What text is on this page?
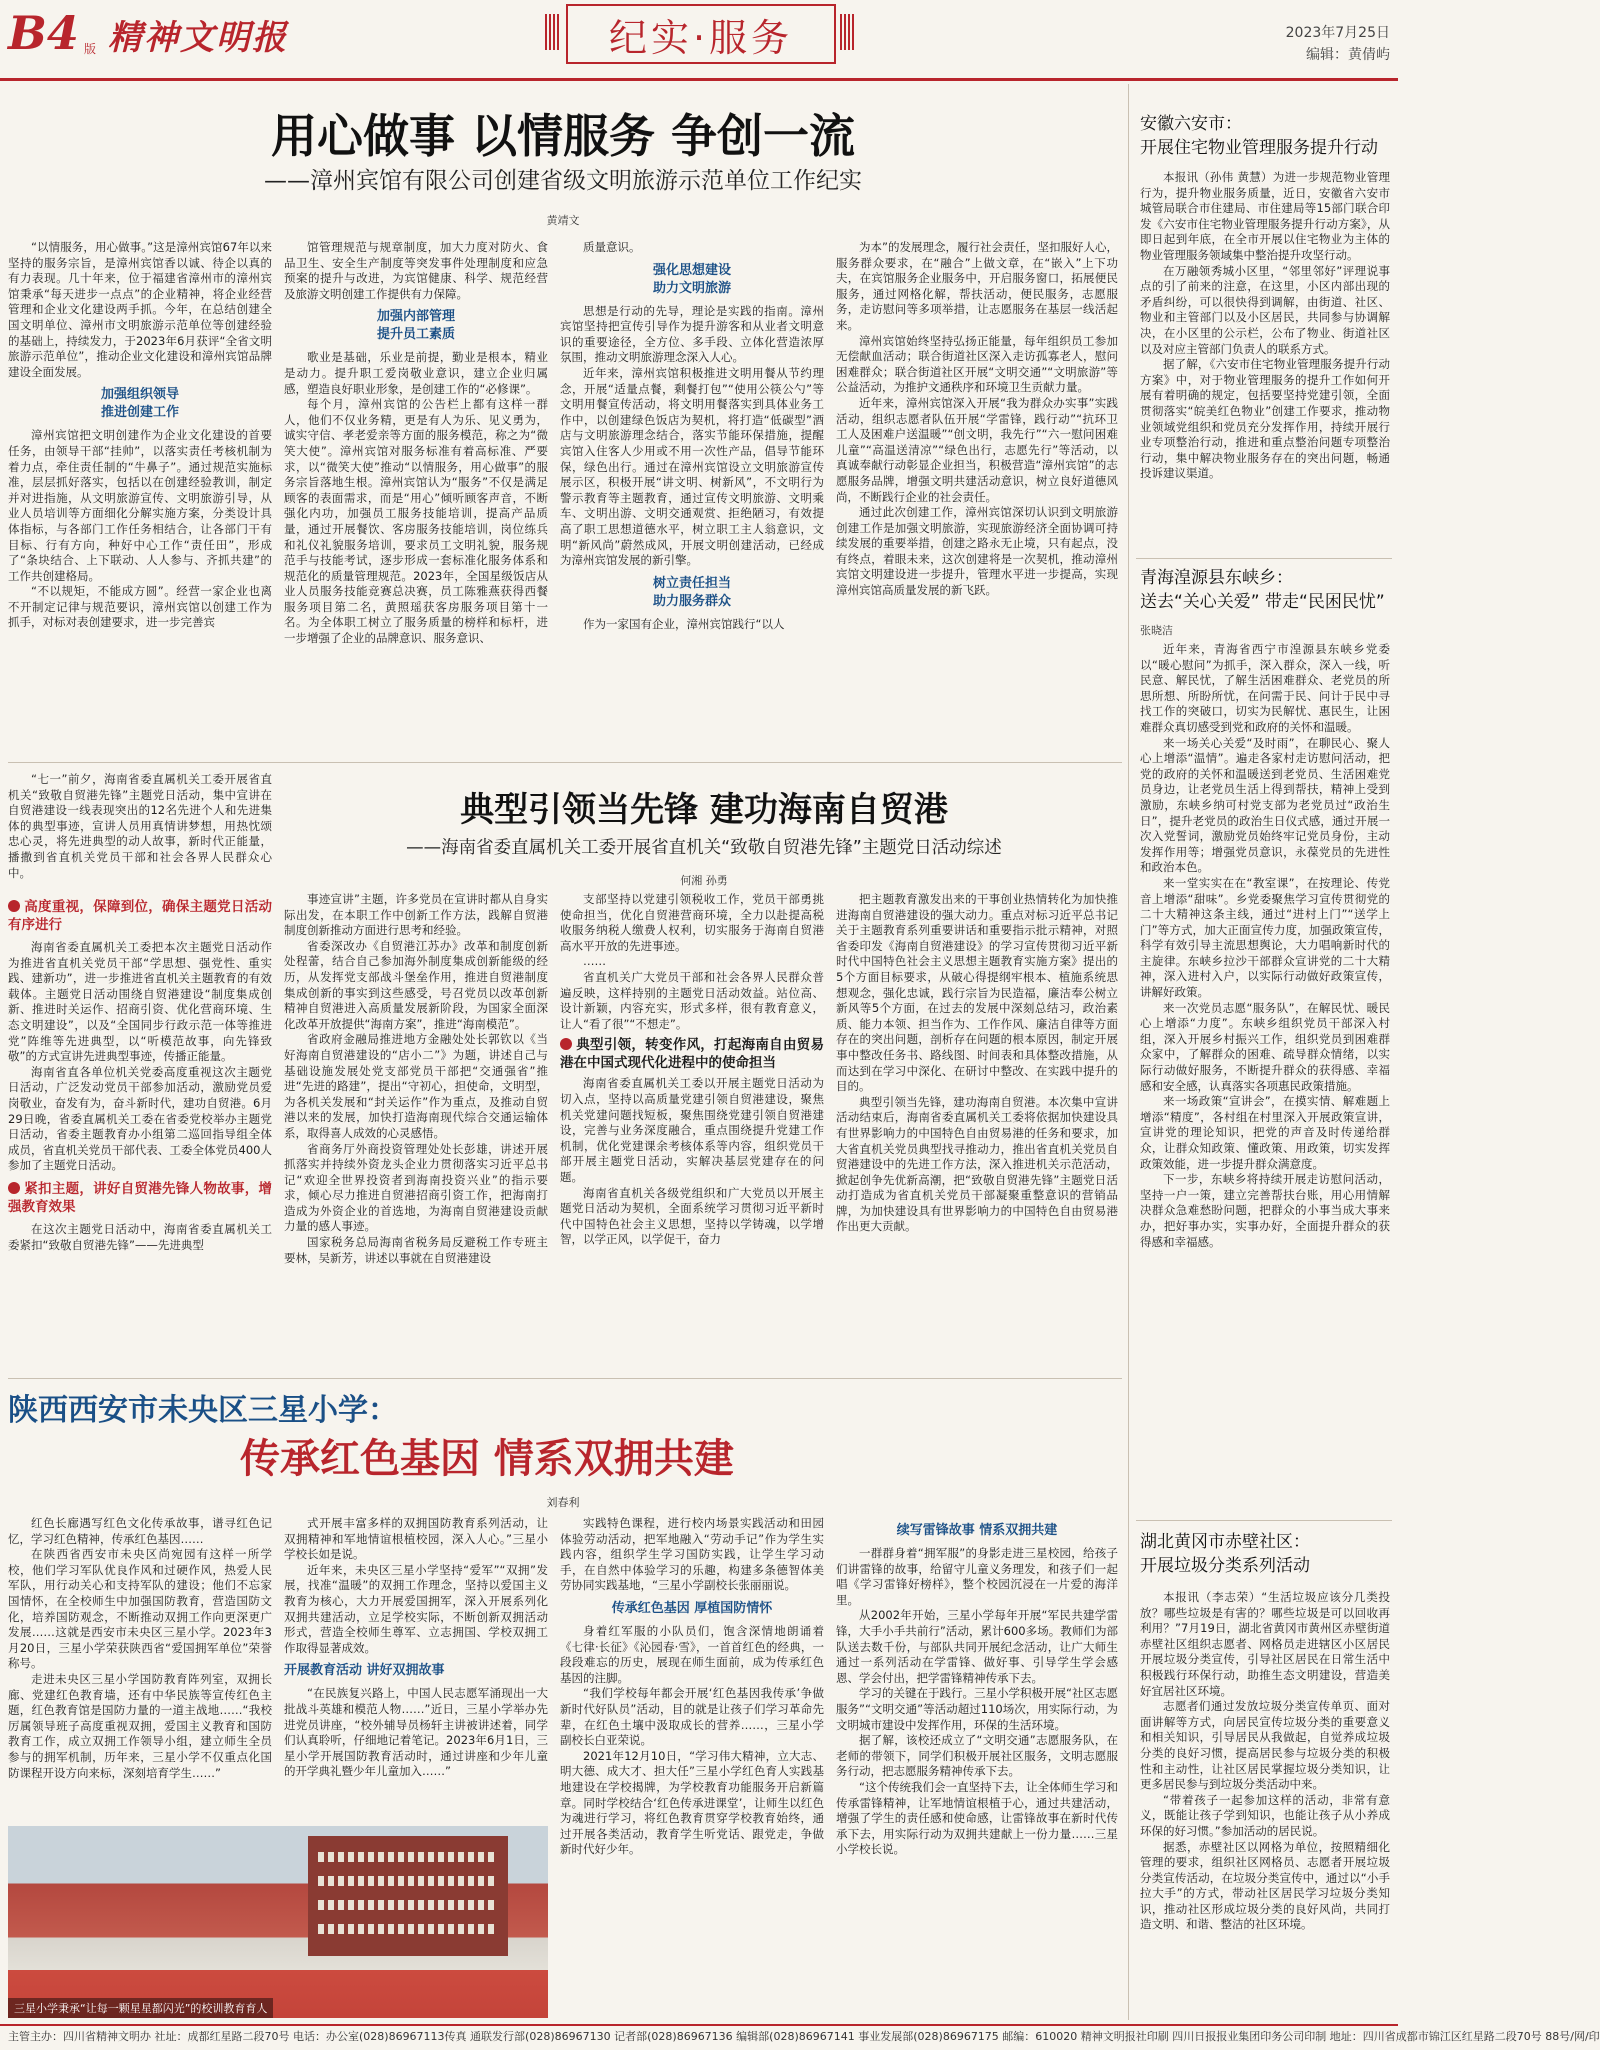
B4 版 精神文明报	纪实·服务	2023年7月25日
编辑：黄倩屿
用心做事 以情服务 争创一流
——漳州宾馆有限公司创建省级文明旅游示范单位工作纪实
黄靖文

“以情服务，用心做事。”这是漳州宾馆67年以来坚持的服务宗旨，是漳州宾馆香以诚、待企以真的有力表现。几十年来，位于福建省漳州市的漳州宾馆秉承“每天进步一点点”的企业精神，将企业经营管理和企业文化建设两手抓。今年，在总结创建全国文明单位、漳州市文明旅游示范单位等创建经验的基础上，持续发力，于2023年6月获评“全省文明旅游示范单位”，推动企业文化建设和漳州宾馆品牌建设全面发展。

加强组织领导
推进创建工作

漳州宾馆把文明创建作为企业文化建设的首要任务，由领导干部“挂帅”，以落实责任考核机制为着力点，牵住责任制的“牛鼻子”。通过规范实施标准，层层抓好落实，包括以在创建经验教训，制定并对进指施，从文明旅游宣传、文明旅游引导，从业人员培训等方面细化分解实施方案，分类设计具体指标，与各部门工作任务相结合，让各部门干有目标、行有方向，种好中心工作“责任田”，形成了“条块结合、上下联动、人人参与、齐抓共建”的工作共创建格局。

“不以规矩，不能成方圆”。经营一家企业也离不开制定记律与规范要识，漳州宾馆以创建工作为抓手，对标对表创建要求，进一步完善宾

馆管理规范与规章制度，加大力度对防火、食品卫生、安全生产制度等突发事件处理制度和应急预案的提升与改进，为宾馆健康、科学、规范经营及旅游文明创建工作提供有力保障。

加强内部管理
提升员工素质

歌业是基础，乐业是前提，勤业是根本，精业是动力。提升职工爱岗敬业意识，建立企业归属感，塑造良好职业形象，是创建工作的“必修课”。

每个月，漳州宾馆的公告栏上都有这样一群人，他们不仅业务精，更是有人为乐、见义勇为，诚实守信、孝老爱亲等方面的服务模范，称之为“微笑大使”。漳州宾馆对服务标准有着高标准、严要求，以“微笑大使”推动“以情服务，用心做事”的服务宗旨落地生根。漳州宾馆认为“服务”不仅是满足顾客的表面需求，而是“用心”倾听顾客声音，不断强化内功，加强员工服务技能培训，提高产品质量，通过开展餐饮、客房服务技能培训，岗位练兵和礼仪礼貌服务培训，要求员工文明礼貌，服务规范手与技能考试，逐步形成一套标准化服务体系和规范化的质量管理规范。2023年，全国星级饭店从业人员服务技能竞赛总决赛，员工陈雅燕获得西餐服务项目第二名，黄照瑶获客房服务项目第十一名。为全体职工树立了服务质量的榜样和标杆，进一步增强了企业的品牌意识、服务意识、

质量意识。

强化思想建设
助力文明旅游

思想是行动的先导，理论是实践的指南。漳州宾馆坚持把宣传引导作为提升游客和从业者文明意识的重要途径，全方位、多手段、立体化营造浓厚氛围，推动文明旅游理念深入人心。

近年来，漳州宾馆积极推进文明用餐从节约理念，开展“适量点餐，剩餐打包”“使用公筷公勺”等文明用餐宣传活动，将文明用餐落实到具体业务工作中，以创建绿色饭店为契机，将打造“低碳型”酒店与文明旅游理念结合，落实节能环保措施，提醒宾馆入住客人少用或不用一次性产品，倡导节能环保，绿色出行。通过在漳州宾馆设立文明旅游宣传展示区，积极开展“讲文明、树新风”，不文明行为警示教育等主题教育，通过宣传文明旅游、文明乘车、文明出游、文明交通观赏、拒绝陋习，有效提高了职工思想道德水平，树立职工主人翁意识，文明“新风尚”蔚然成风，开展文明创建活动，已经成为漳州宾馆发展的新引擎。

树立责任担当
助力服务群众

作为一家国有企业，漳州宾馆践行“以人

为本”的发展理念，履行社会责任，坚扣服好人心，服务群众要求，在“融合”上做文章，在“嵌入”上下功夫，在宾馆服务企业服务中，开启服务窗口，拓展便民服务，通过网格化解，帮扶活动，便民服务，志愿服务，走访慰问等多项举措，让志愿服务在基层一线活起来。

漳州宾馆始终坚持弘扬正能量，每年组织员工参加无偿献血活动；联合街道社区深入走访孤寡老人，慰问困难群众；联合街道社区开展“文明交通”“文明旅游”等公益活动，为推护文通秩序和环境卫生贡献力量。

近年来，漳州宾馆深入开展“我为群众办实事”实践活动，组织志愿者队伍开展“学雷锋，践行动”“抗环卫工人及困难户送温暖”“创文明，我先行”“六一慰问困难儿童”“高温送清凉”“绿色出行，志愿先行”等活动，以真诚奉献行动彰显企业担当，积极营造“漳州宾馆”的志愿服务品牌，增强文明共建活动意识，树立良好道德风尚，不断践行企业的社会责任。

通过此次创建工作，漳州宾馆深切认识到文明旅游创建工作是加强文明旅游，实现旅游经济全面协调可持续发展的重要举措，创建之路永无止境，只有起点，没有终点，着眼未来，这次创建将是一次契机，推动漳州宾馆文明建设进一步提升，管理水平进一步提高，实现漳州宾馆高质量发展的新飞跃。

“七一”前夕，海南省委直属机关工委开展省直机关“致敬自贸港先锋”主题党日活动，集中宣讲在自贸港建设一线表现突出的12名先进个人和先进集体的典型事迹，宣讲人员用真情讲梦想，用热忱颂忠心灵，将先进典型的动人故事，新时代正能量，播撒到省直机关党员干部和社会各界人民群众心中。

典型引领当先锋 建功海南自贸港
——海南省委直属机关工委开展省直机关“致敬自贸港先锋”主题党日活动综述
何湘 孙勇
高度重视，保障到位，确保主题党日活动有序进行

海南省委直属机关工委把本次主题党日活动作为推进省直机关党员干部“学思想、强党性、重实践、建新功”，进一步推进省直机关主题教育的有效载体。主题党日活动围绕自贸港建设“制度集成创新、推进时关运作、招商引资、优化营商环境、生态文明建设”，以及“全国同步行政示范一体等推进党”阵维等先进典型，以“听模范故事，向先锋致敬”的方式宣讲先进典型事迹，传播正能量。

海南省直各单位机关党委高度重视这次主题党日活动，广泛发动党员干部参加活动，激励党员爱岗敬业，奋发有为，奋斗新时代，建功自贸港。6月29日晚，省委直属机关工委在省委党校举办主题党日活动，省委主题教育办小组第二巡回指导组全体成员，省直机关党员干部代表、工委全体党员400人参加了主题党日活动。

紧扣主题，讲好自贸港先锋人物故事，增强教育效果

在这次主题党日活动中，海南省委直属机关工委紧扣“致敬自贸港先锋”——先进典型

事迹宣讲”主题，许多党员在宣讲时都从自身实际出发，在本职工作中创新工作方法，践解自贸港制度创新推动方面进行思考和经验。

省委深改办《自贸港江苏办》改革和制度创新处程蕾，结合自己参加海外制度集成创新能级的经历，从发挥党支部战斗堡垒作用，推进自贸港制度集成创新的事实到这些感受，号召党员以改革创新精神自贸港进入高质量发展新阶段，为国家全面深化改革开放提供“海南方案”，推进“海南模范”。

省政府金融局推进地方金融处处长郭钦以《当好海南自贸港建设的“店小二”》为题，讲述自己与基础设施发展处党支部党员干部把“交通强省”推进“先进的路建”，提出“守初心，担使命，文明型，为各机关发展和“封关运作”作为重点，及推动自贸港以来的发展，加快打造海南现代综合交通运输体系，取得喜人成效的心灵感悟。

省商务厅外商投资管理处处长彭雄，讲述开展抓落实并持续外资龙头企业力贯彻落实习近平总书记“欢迎全世界投资者到海南投资兴业”的指示要求，倾心尽力推进自贸港招商引资工作，把海南打造成为外资企业的首选地，为海南自贸港建设贡献力量的感人事迹。

国家税务总局海南省税务局反避税工作专班主要林，吴新芳，讲述以事就在自贸港建设

支部坚持以党建引领税收工作，党员干部勇挑使命担当，优化自贸港营商环境，全力以赴提高税收服务纳税人缴费人权利，切实服务于海南自贸港高水平开放的先进事迹。

……

省直机关广大党员干部和社会各界人民群众普遍反映，这样持别的主题党日活动效益。站位高、设计新颖，内容充实，形式多样，很有教育意义，让人“看了很”“不想走”。

典型引领，转变作风，打起海南自由贸易港在中国式现代化进程中的使命担当

海南省委直属机关工委以开展主题党日活动为切入点，坚持以高质量党建引领自贸港建设，聚焦机关党建问题找短板，聚焦围绕党建引领自贸港建设，完善与业务深度融合，重点围绕提升党建工作机制，优化党建课余考核体系等内容，组织党员干部开展主题党日活动，实解决基层党建存在的问题。

海南省直机关各级党组织和广大党员以开展主题党日活动为契机，全面系统学习贯彻习近平新时代中国特色社会主义思想，坚持以学铸魂，以学增智，以学正风，以学促干，奋力

把主题教育激发出来的干事创业热情转化为加快推进海南自贸港建设的强大动力。重点对标习近平总书记关于主题教育系列重要讲话和重要指示批示精神，对照省委印发《海南自贸港建设》的学习宣传贯彻习近平新时代中国特色社会主义思想主题教育实施方案》提出的5个方面目标要求，从破心得提纲牢根本、植施系统思想观念，强化忠诚，践行宗旨为民造福，廉洁奉公树立新风等5个方面，在过去的发展中深刻总结习，政治素质、能力本领、担当作为、工作作风、廉洁自律等方面存在的突出问题，剖析存在问题的根本原因，制定开展事中整改任务书、路线图、时间表和具体整改措施，从而达到在学习中深化、在研讨中整改、在实践中提升的目的。

典型引领当先锋，建功海南自贸港。本次集中宣讲活动结束后，海南省委直属机关工委将依据加快建设具有世界影响力的中国特色自由贸易港的任务和要求，加大省直机关党员典型找寻推动力，推出省直机关党员自贸港建设中的先进工作方法，深入推进机关示范活动，掀起创争先优新高潮，把“致敬自贸港先锋”主题党日活动打造成为省直机关党员干部凝聚重整意识的营销品牌，为加快建设具有世界影响力的中国特色自由贸易港作出更大贡献。

陕西西安市未央区三星小学：
传承红色基因 情系双拥共建
刘春利

红色长廊遇写红色文化传承故事，谱寻红色记忆，学习红色精神，传承红色基因……

在陕西省西安市未央区尚宛园有这样一所学校，他们学习军队优良作风和过硬作风，热爱人民军队，用行动关心和支持军队的建设；他们不忘家国情怀，在全校师生中加强国防教育，营造国防文化，培养国防观念，不断推动双拥工作向更深更广发展……这就是西安市未央区三星小学。2023年3月20日，三星小学荣获陕西省“爱国拥军单位”荣誉称号。

走进未央区三星小学国防教育阵列室，双拥长廊、党建红色教育墙，还有中华民族等宣传红色主题，红色教育馆是国防力量的一道主战地……“我校厉属领导班子高度重视双拥，爱国主义教育和国防教育工作，成立双拥工作领导小组，建立师生全员参与的拥军机制，历年来，三星小学不仅重点化国防课程开设方向来标，深刻培育学生……”

式开展丰富多样的双拥国防教育系列活动，让双拥精神和军地情谊根植校园，深入人心。”三星小学校长如是说。

近年来，未央区三星小学坚持“爱军”“双拥”发展，找准“温暖”的双拥工作理念，坚持以爱国主义教育为核心，大力开展爱国拥军，深入开展系列化双拥共建活动，立足学校实际，不断创新双拥活动形式，营造全校师生尊军、立志拥国、学校双拥工作取得显著成效。

开展教育活动 讲好双拥故事

“在民族复兴路上，中国人民志愿军涌现出一大批战斗英雄和模范人物……”近日，三星小学举办先进党员讲座，“校外辅导员杨轩主讲被讲述着，同学们认真聆听，仔细地记着笔记。2023年6月1日，三星小学开展国防教育活动时，通过讲座和少年儿童的开学典礼暨少年儿童加入……”

实践特色课程，进行校内场景实践活动和田园体验劳动活动，把军地融入“劳动手记”作为学生实践内容，组织学生学习国防实践，让学生学习动手，在自然中体验学习的乐趣，构建多条德智体美劳协同实践基地，“三星小学副校长张丽丽说。

传承红色基因 厚植国防情怀

身着红军服的小队员们，饱含深情地朗诵着《七律·长征》《沁园春·雪》，一首首红色的经典，一段段难忘的历史，展现在师生面前，成为传承红色基因的注脚。

“我们学校每年都会开展‘红色基因我传承’争做新时代好队员”活动，目的就是让孩子们学习革命先辈，在红色土壤中汲取成长的营养……，三星小学副校长白亚荣说。

2021年12月10日，“学习伟大精神，立大志、明大德、成大才、担大任”三星小学红色育人实践基地建设在学校揭牌，为学校教育功能服务开启新篇章。同时学校结合‘红色传承进课堂’，让师生以红色为魂进行学习，将红色教育贯穿学校教育始终，通过开展各类活动，教育学生听党话、跟党走，争做新时代好少年。

续写雷锋故事 情系双拥共建

一群群身着“拥军服”的身影走进三星校园，给孩子们讲雷锋的故事，给留守儿童义务理发，和孩子们一起唱《学习雷锋好榜样》，整个校园沉浸在一片爱的海洋里。

从2002年开始，三星小学每年开展“军民共建学雷锋，大手小手共前行”活动，累计600多场。教师们为部队送去数千份，与部队共同开展纪念活动，让广大师生通过一系列活动在学雷锋、做好事、引导学生学会感恩、学会付出，把学雷锋精神传承下去。

学习的关键在于践行。三星小学积极开展“社区志愿服务”“文明交通”等活动超过110场次，用实际行动，为文明城市建设中发挥作用，环保的生活环境。

据了解，该校还成立了“文明交通”志愿服务队，在老师的带领下，同学们积极开展社区服务，文明志愿服务行动，把志愿服务精神传承下去。

“这个传统我们会一直坚持下去，让全体师生学习和传承雷锋精神，让军地情谊根植于心，通过共建活动，增强了学生的责任感和使命感，让雷锋故事在新时代传承下去，用实际行动为双拥共建献上一份力量……三星小学校长说。

三星小学秉承“让每一颗星星都闪光”的校训教育育人
安徽六安市：
开展住宅物业管理服务提升行动

本报讯（孙伟 黄慧）为进一步规范物业管理行为，提升物业服务质量，近日，安徽省六安市城管局联合市住建局、市住建局等15部门联合印发《六安市住宅物业管理服务提升行动方案》，从即日起到年底，在全市开展以住宅物业为主体的物业管理服务领域集中整治提升攻坚行动。

在万融领秀城小区里，“邻里邻好”评理说事点的引了前来的注意，在这里，小区内部出现的矛盾纠纷，可以很快得到调解，由街道、社区、物业和主管部门以及小区居民，共同参与协调解决，在小区里的公示栏，公布了物业、街道社区以及对应主管部门负责人的联系方式。

据了解，《六安市住宅物业管理服务提升行动方案》中，对于物业管理服务的提升工作如何开展有着明确的规定，包括要坚持党建引领，全面贯彻落实“皖美红色物业”创建工作要求，推动物业领域党组织和党员充分发挥作用，持续开展行业专项整治行动，推进和重点整治问题专项整治行动，集中解决物业服务存在的突出问题，畅通投诉建议渠道。

青海湟源县东峡乡：
送去“关心关爱” 带走“民困民忧”
张晓洁

近年来，青海省西宁市湟源县东峡乡党委以“暖心慰问”为抓手，深入群众，深入一线，听民意、解民忧，了解生活困难群众、老党员的所思所想、所盼所忧，在问需于民、问计于民中寻找工作的突破口，切实为民解忧、惠民生，让困难群众真切感受到党和政府的关怀和温暖。

来一场关心关爱“及时雨”，在聊民心、聚人心上增添“温情”。遍走各家村走访慰问活动，把党的政府的关怀和温暖送到老党员、生活困难党员身边，让老党员生活上得到帮扶，精神上受到激励，东峡乡纳可村党支部为老党员过“政治生日”，提升老党员的政治生日仪式感，通过开展一次入党誓词，激励党员始终牢记党员身份，主动发挥作用等；增强党员意识，永葆党员的先进性和政治本色。

来一堂实实在在“教室课”，在按理论、传党音上增添“甜味”。乡党委聚焦学习宣传贯彻党的二十大精神这条主线，通过“进村上门”“送学上门”等方式，加大正面宣传力度，加强政策宣传，科学有效引导主流思想舆论，大力唱响新时代的主旋律。东峡乡拉沙干部群众宣讲党的二十大精神，深入进村入户，以实际行动做好政策宣传，讲解好政策。

来一次党员志愿“服务队”，在解民忧、暖民心上增添“力度”。东峡乡组织党员干部深入村组，深入开展乡村振兴工作，组织党员到困难群众家中，了解群众的困难、疏导群众情绪，以实际行动做好服务，不断提升群众的获得感、幸福感和安全感，认真落实各项惠民政策措施。

来一场政策“宣讲会”，在摸实情、解难题上增添“精度”，各村组在村里深入开展政策宣讲，宣讲党的理论知识，把党的声音及时传递给群众，让群众知政策、懂政策、用政策，切实发挥政策效能，进一步提升群众满意度。

下一步，东峡乡将持续开展走访慰问活动，坚持一户一策，建立完善帮扶台账，用心用情解决群众急难愁盼问题，把群众的小事当成大事来办，把好事办实，实事办好，全面提升群众的获得感和幸福感。

湖北黄冈市赤壁社区：
开展垃圾分类系列活动

本报讯（李志荣）“生活垃圾应该分几类投放？哪些垃圾是有害的？哪些垃圾是可以回收再利用？”7月19日，湖北省黄冈市黄州区赤壁街道赤壁社区组织志愿者、网格员走进辖区小区居民开展垃圾分类宣传，引导社区居民在日常生活中积极践行环保行动，助推生态文明建设，营造美好宜居社区环境。

志愿者们通过发放垃圾分类宣传单页、面对面讲解等方式，向居民宣传垃圾分类的重要意义和相关知识，引导居民从我做起，自觉养成垃圾分类的良好习惯，提高居民参与垃圾分类的积极性和主动性，让社区居民掌握垃圾分类知识，让更多居民参与到垃圾分类活动中来。

“带着孩子一起参加这样的活动，非常有意义，既能让孩子学到知识，也能让孩子从小养成环保的好习惯。”参加活动的居民说。

据悉，赤壁社区以网格为单位，按照精细化管理的要求，组织社区网格员、志愿者开展垃圾分类宣传活动，在垃圾分类宣传中，通过以“小手拉大手”的方式，带动社区居民学习垃圾分类知识，推动社区形成垃圾分类的良好风尚，共同打造文明、和谐、整洁的社区环境。

主管主办：四川省精神文明办 社址：成都红星路二段70号 电话：办公室(028)86967113传真 通联发行部(028)86967130 记者部(028)86967136 编辑部(028)86967141 事业发展部(028)86967175 邮编：610020 精神文明报社印刷 四川日报报业集团印务公司印制 地址：四川省成都市锦江区红星路二段70号 88号/网/印
